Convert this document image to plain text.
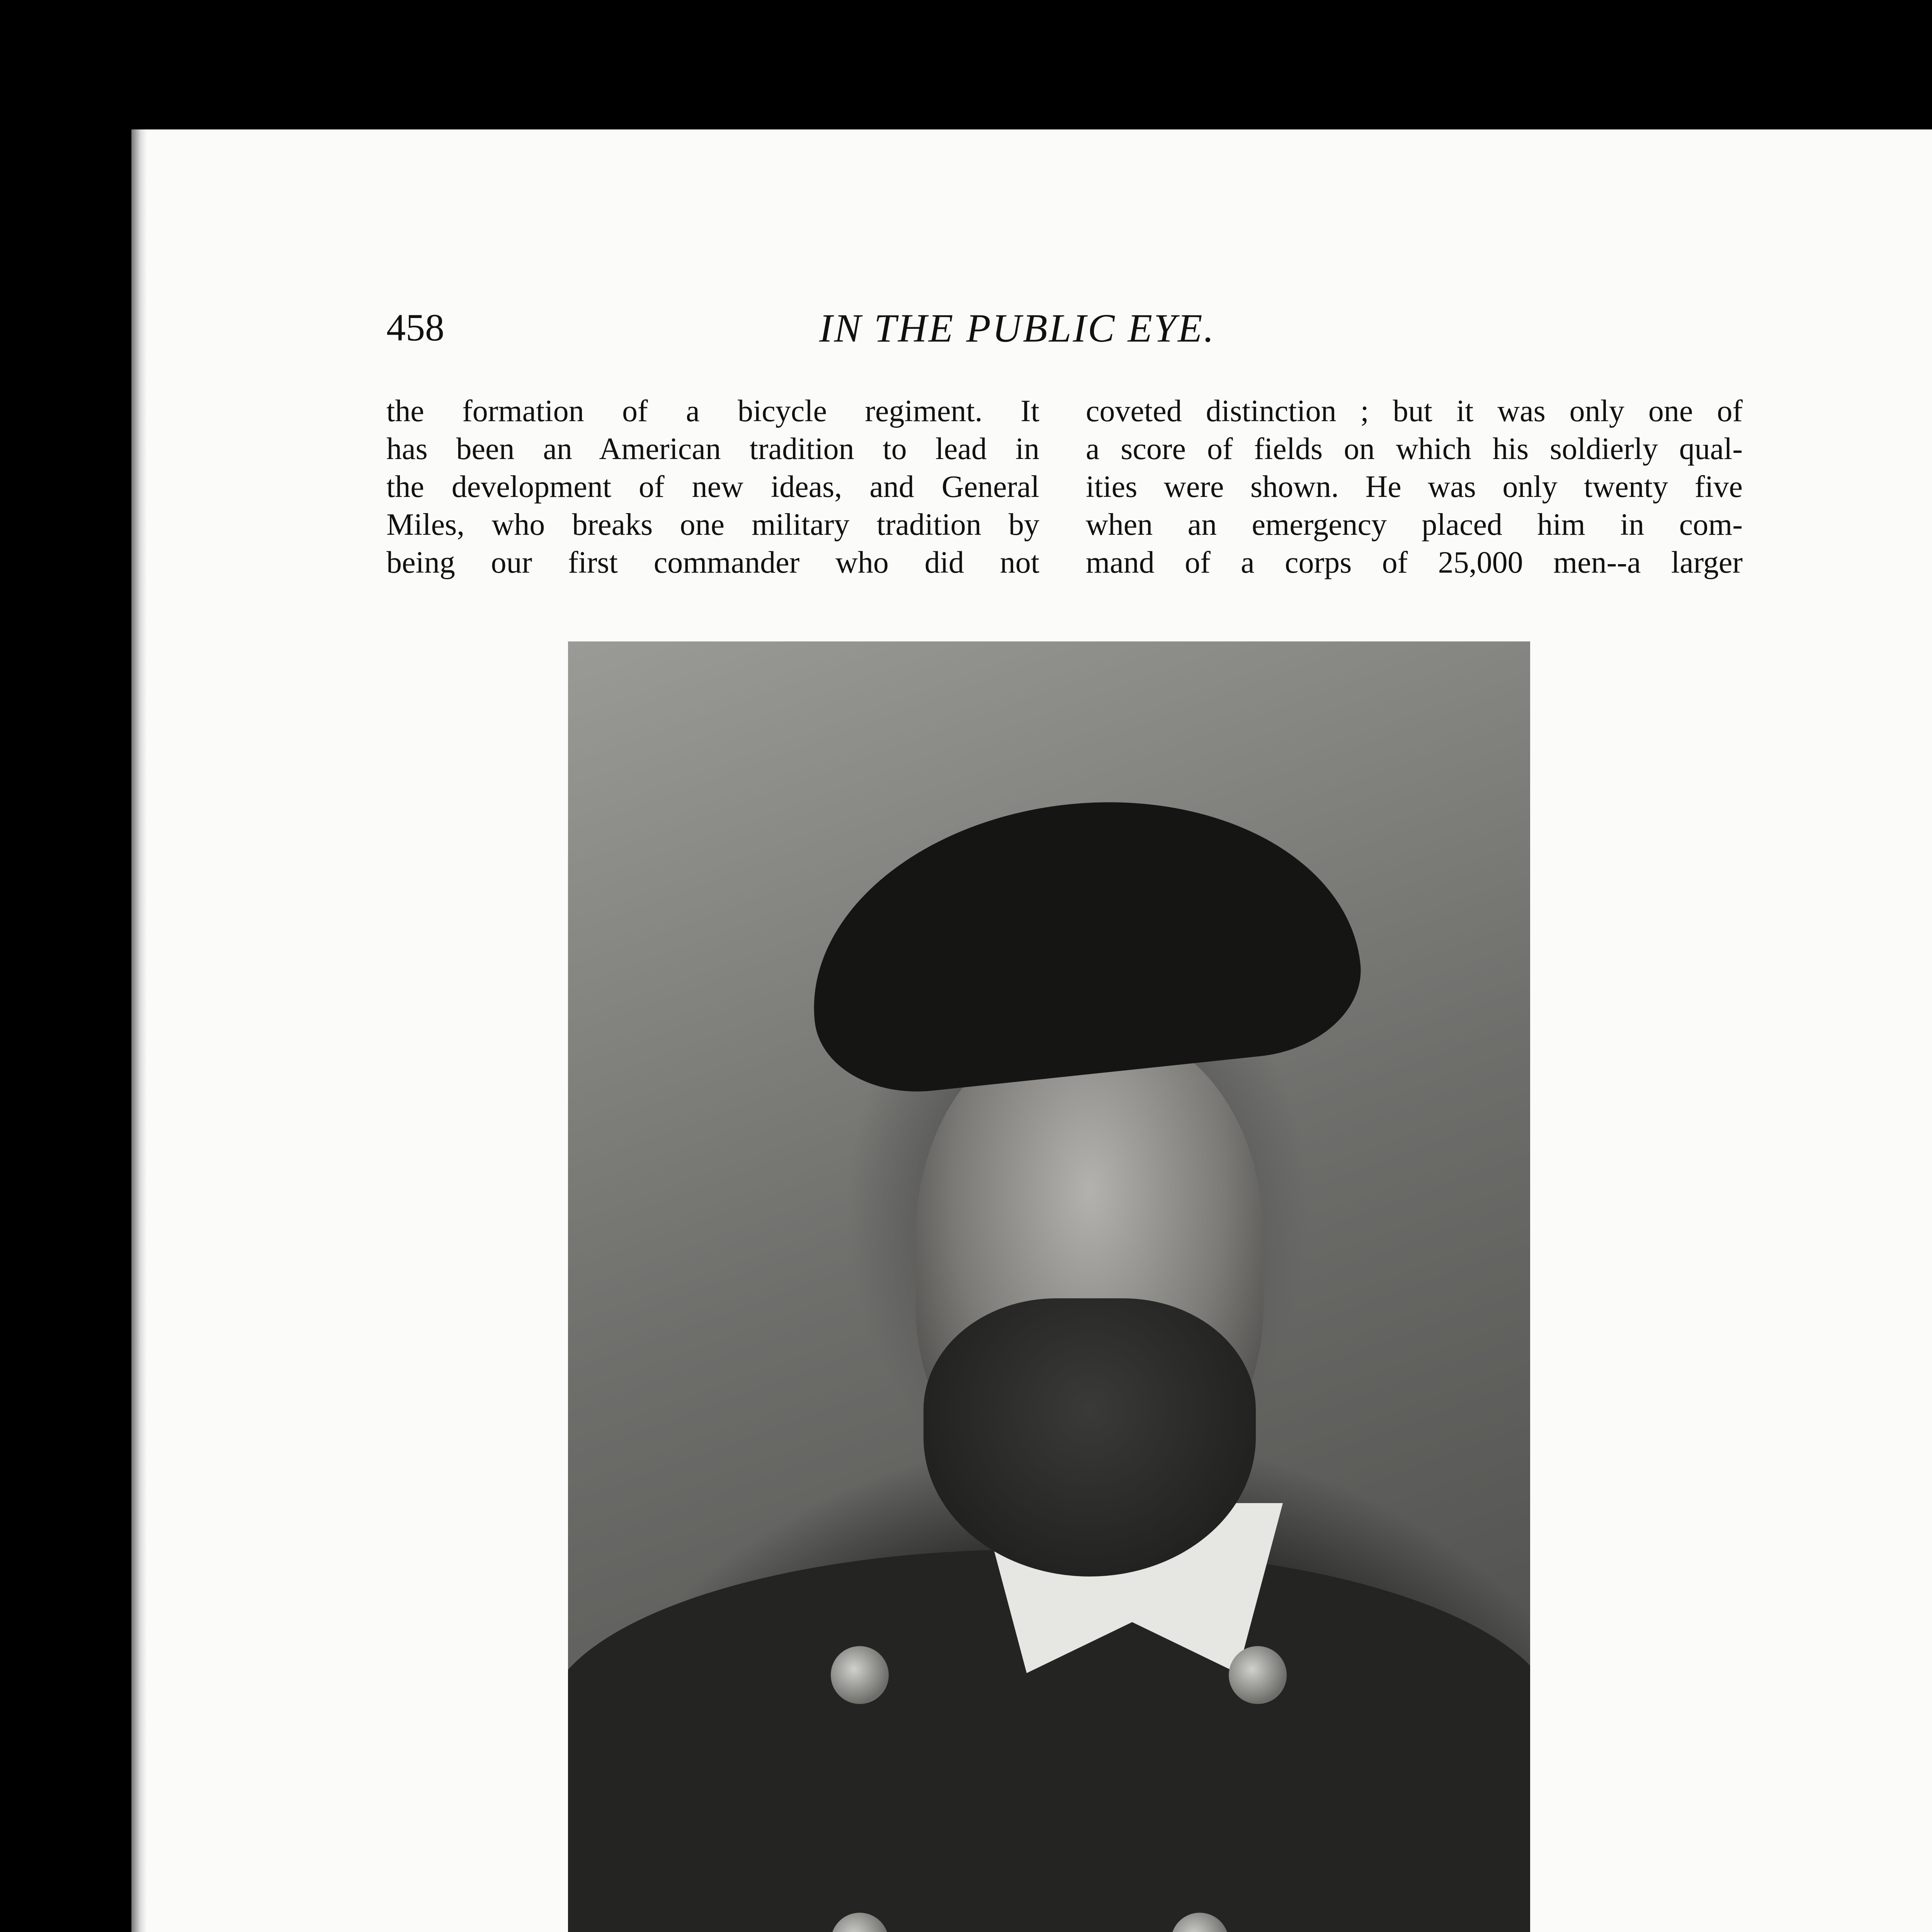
458	IN THE PUBLIC EYE.
the formation of a bicycle regiment. It
has been an American tradition to lead in
the development of new ideas, and General
Miles, who breaks one military tradition by
being our first commander who did not
coveted distinction ; but it was only one of
a score of fields on which his soldierly qual-
ities were shown. He was only twenty five
when an emergency placed him in com-
mand of a corps of 25,000 men--a larger
